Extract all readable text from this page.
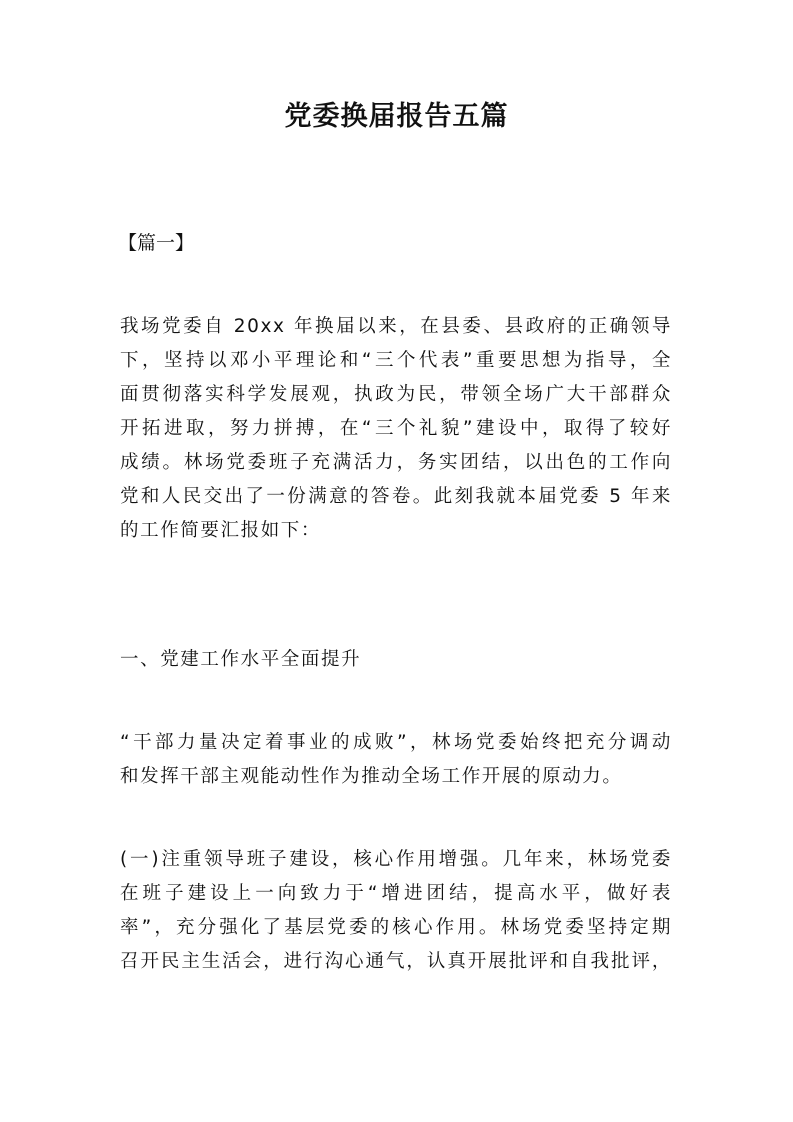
党委换届报告五篇
【篇一】
我场党委自 20xx 年换届以来，在县委、县政府的正确领导
下，坚持以邓小平理论和“三个代表”重要思想为指导，全
面贯彻落实科学发展观，执政为民，带领全场广大干部群众
开拓进取，努力拼搏，在“三个礼貌”建设中，取得了较好
成绩。林场党委班子充满活力，务实团结，以出色的工作向
党和人民交出了一份满意的答卷。此刻我就本届党委 5 年来
的工作简要汇报如下：
一、党建工作水平全面提升
“干部力量决定着事业的成败”，林场党委始终把充分调动
和发挥干部主观能动性作为推动全场工作开展的原动力。
(一)注重领导班子建设，核心作用增强。几年来，林场党委
在班子建设上一向致力于“增进团结，提高水平，做好表
率”，充分强化了基层党委的核心作用。林场党委坚持定期
召开民主生活会，进行沟心通气，认真开展批评和自我批评，
